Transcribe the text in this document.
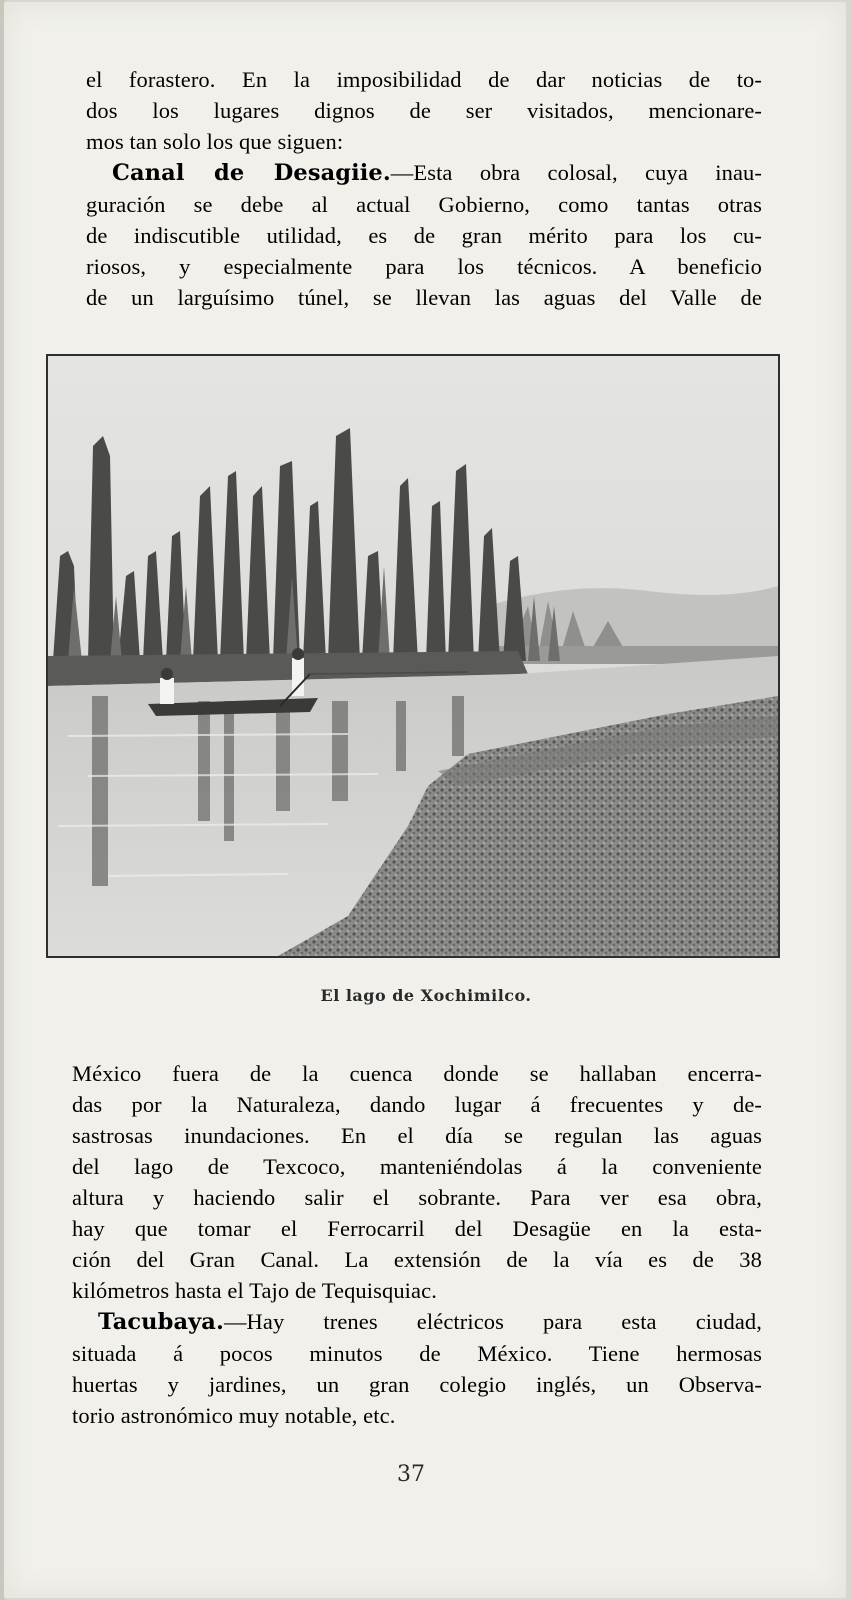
el forastero. En la imposibilidad de dar noticias de to-
dos los lugares dignos de ser visitados, mencionare-
mos tan solo los que siguen:
Canal de Desagiie.—Esta obra colosal, cuya inau-
guración se debe al actual Gobierno, como tantas otras
de indiscutible utilidad, es de gran mérito para los cu-
riosos, y especialmente para los técnicos. A beneficio
de un larguísimo túnel, se llevan las aguas del Valle de
El lago de Xochimilco.
México fuera de la cuenca donde se hallaban encerra-
das por la Naturaleza, dando lugar á frecuentes y de-
sastrosas inundaciones. En el día se regulan las aguas
del lago de Texcoco, manteniéndolas á la conveniente
altura y haciendo salir el sobrante. Para ver esa obra,
hay que tomar el Ferrocarril del Desagüe en la esta-
ción del Gran Canal. La extensión de la vía es de 38
kilómetros hasta el Tajo de Tequisquiac.
Tacubaya.—Hay trenes eléctricos para esta ciudad,
situada á pocos minutos de México. Tiene hermosas
huertas y jardines, un gran colegio inglés, un Observa-
torio astronómico muy notable, etc.
37
